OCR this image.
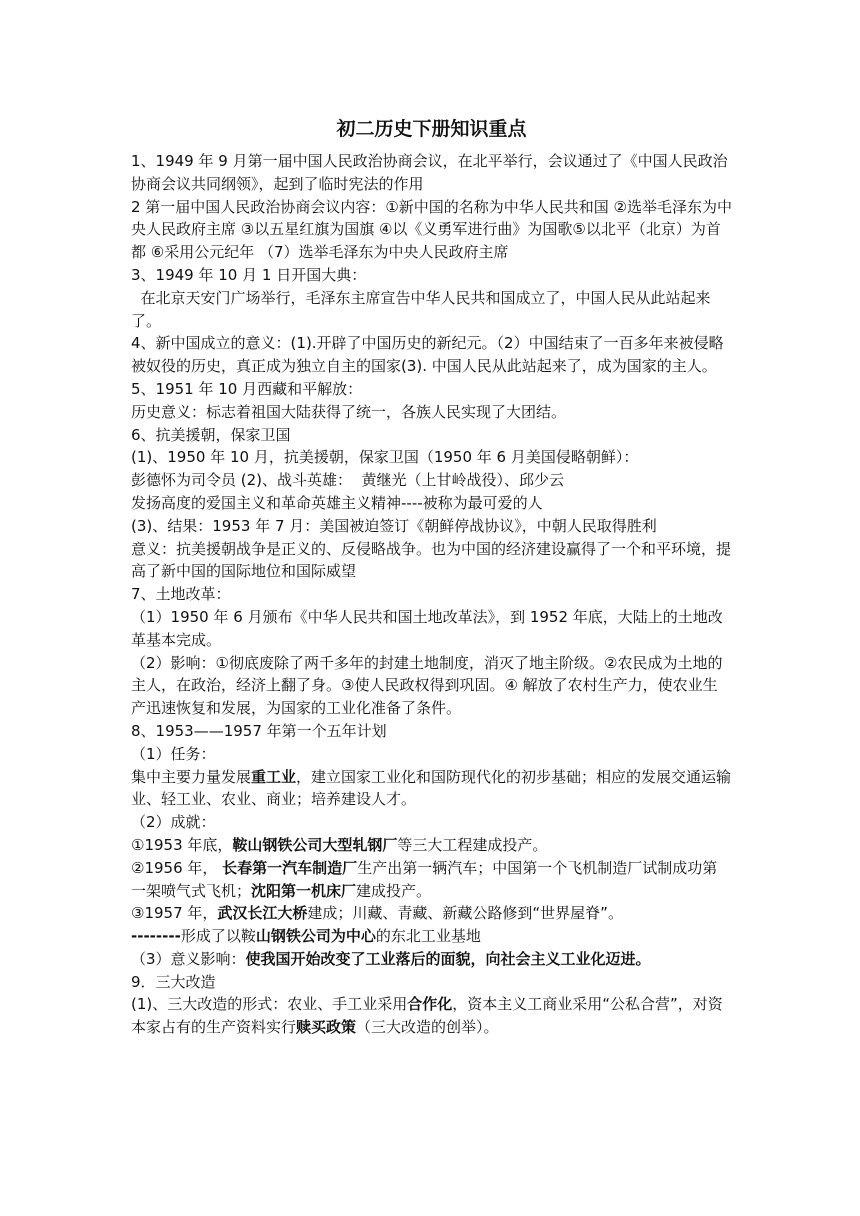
初二历史下册知识重点

1、1949 年 9 月第一届中国人民政治协商会议，在北平举行，会议通过了《中国人民政治协商会议共同纲领》，起到了临时宪法的作用

2 第一届中国人民政治协商会议内容：①新中国的名称为中华人民共和国 ②选举毛泽东为中央人民政府主席 ③以五星红旗为国旗 ④以《义勇军进行曲》为国歌⑤以北平（北京）为首都 ⑥采用公元纪年 （7）选举毛泽东为中央人民政府主席

3、1949 年 10 月 1 日开国大典：

在北京天安门广场举行，毛泽东主席宣告中华人民共和国成立了，中国人民从此站起来了。

4、新中国成立的意义：(1).开辟了中国历史的新纪元。（2）中国结束了一百多年来被侵略被奴役的历史，真正成为独立自主的国家(3). 中国人民从此站起来了，成为国家的主人。

5、1951 年 10 月西藏和平解放：

历史意义：标志着祖国大陆获得了统一，各族人民实现了大团结。

6、抗美援朝，保家卫国

(1)、1950 年 10 月，抗美援朝，保家卫国（1950 年 6 月美国侵略朝鲜）：

彭德怀为司令员 (2)、战斗英雄：  黄继光（上甘岭战役）、邱少云

发扬高度的爱国主义和革命英雄主义精神----被称为最可爱的人

(3)、结果：1953 年 7 月：美国被迫签订《朝鲜停战协议》，中朝人民取得胜利

意义：抗美援朝战争是正义的、反侵略战争。也为中国的经济建设赢得了一个和平环境，提高了新中国的国际地位和国际威望

7、土地改革：

（1）1950 年 6 月颁布《中华人民共和国土地改革法》，到 1952 年底，大陆上的土地改革基本完成。

（2）影响：①彻底废除了两千多年的封建土地制度，消灭了地主阶级。②农民成为土地的主人，在政治，经济上翻了身。③使人民政权得到巩固。④ 解放了农村生产力，使农业生产迅速恢复和发展，为国家的工业化准备了条件。

8、1953——1957 年第一个五年计划

（1）任务：

集中主要力量发展重工业，建立国家工业化和国防现代化的初步基础；相应的发展交通运输业、轻工业、农业、商业；培养建设人才。

（2）成就：

①1953 年底，鞍山钢铁公司大型轧钢厂等三大工程建成投产。

②1956 年， 长春第一汽车制造厂生产出第一辆汽车；中国第一个飞机制造厂试制成功第一架喷气式飞机；沈阳第一机床厂建成投产。

③1957 年，武汉长江大桥建成；川藏、青藏、新藏公路修到“世界屋脊”。

--------形成了以鞍山钢铁公司为中心的东北工业基地

（3）意义影响：使我国开始改变了工业落后的面貌，向社会主义工业化迈进。

9．三大改造

(1)、三大改造的形式：农业、手工业采用合作化，资本主义工商业采用“公私合营”，对资本家占有的生产资料实行赎买政策（三大改造的创举）。
